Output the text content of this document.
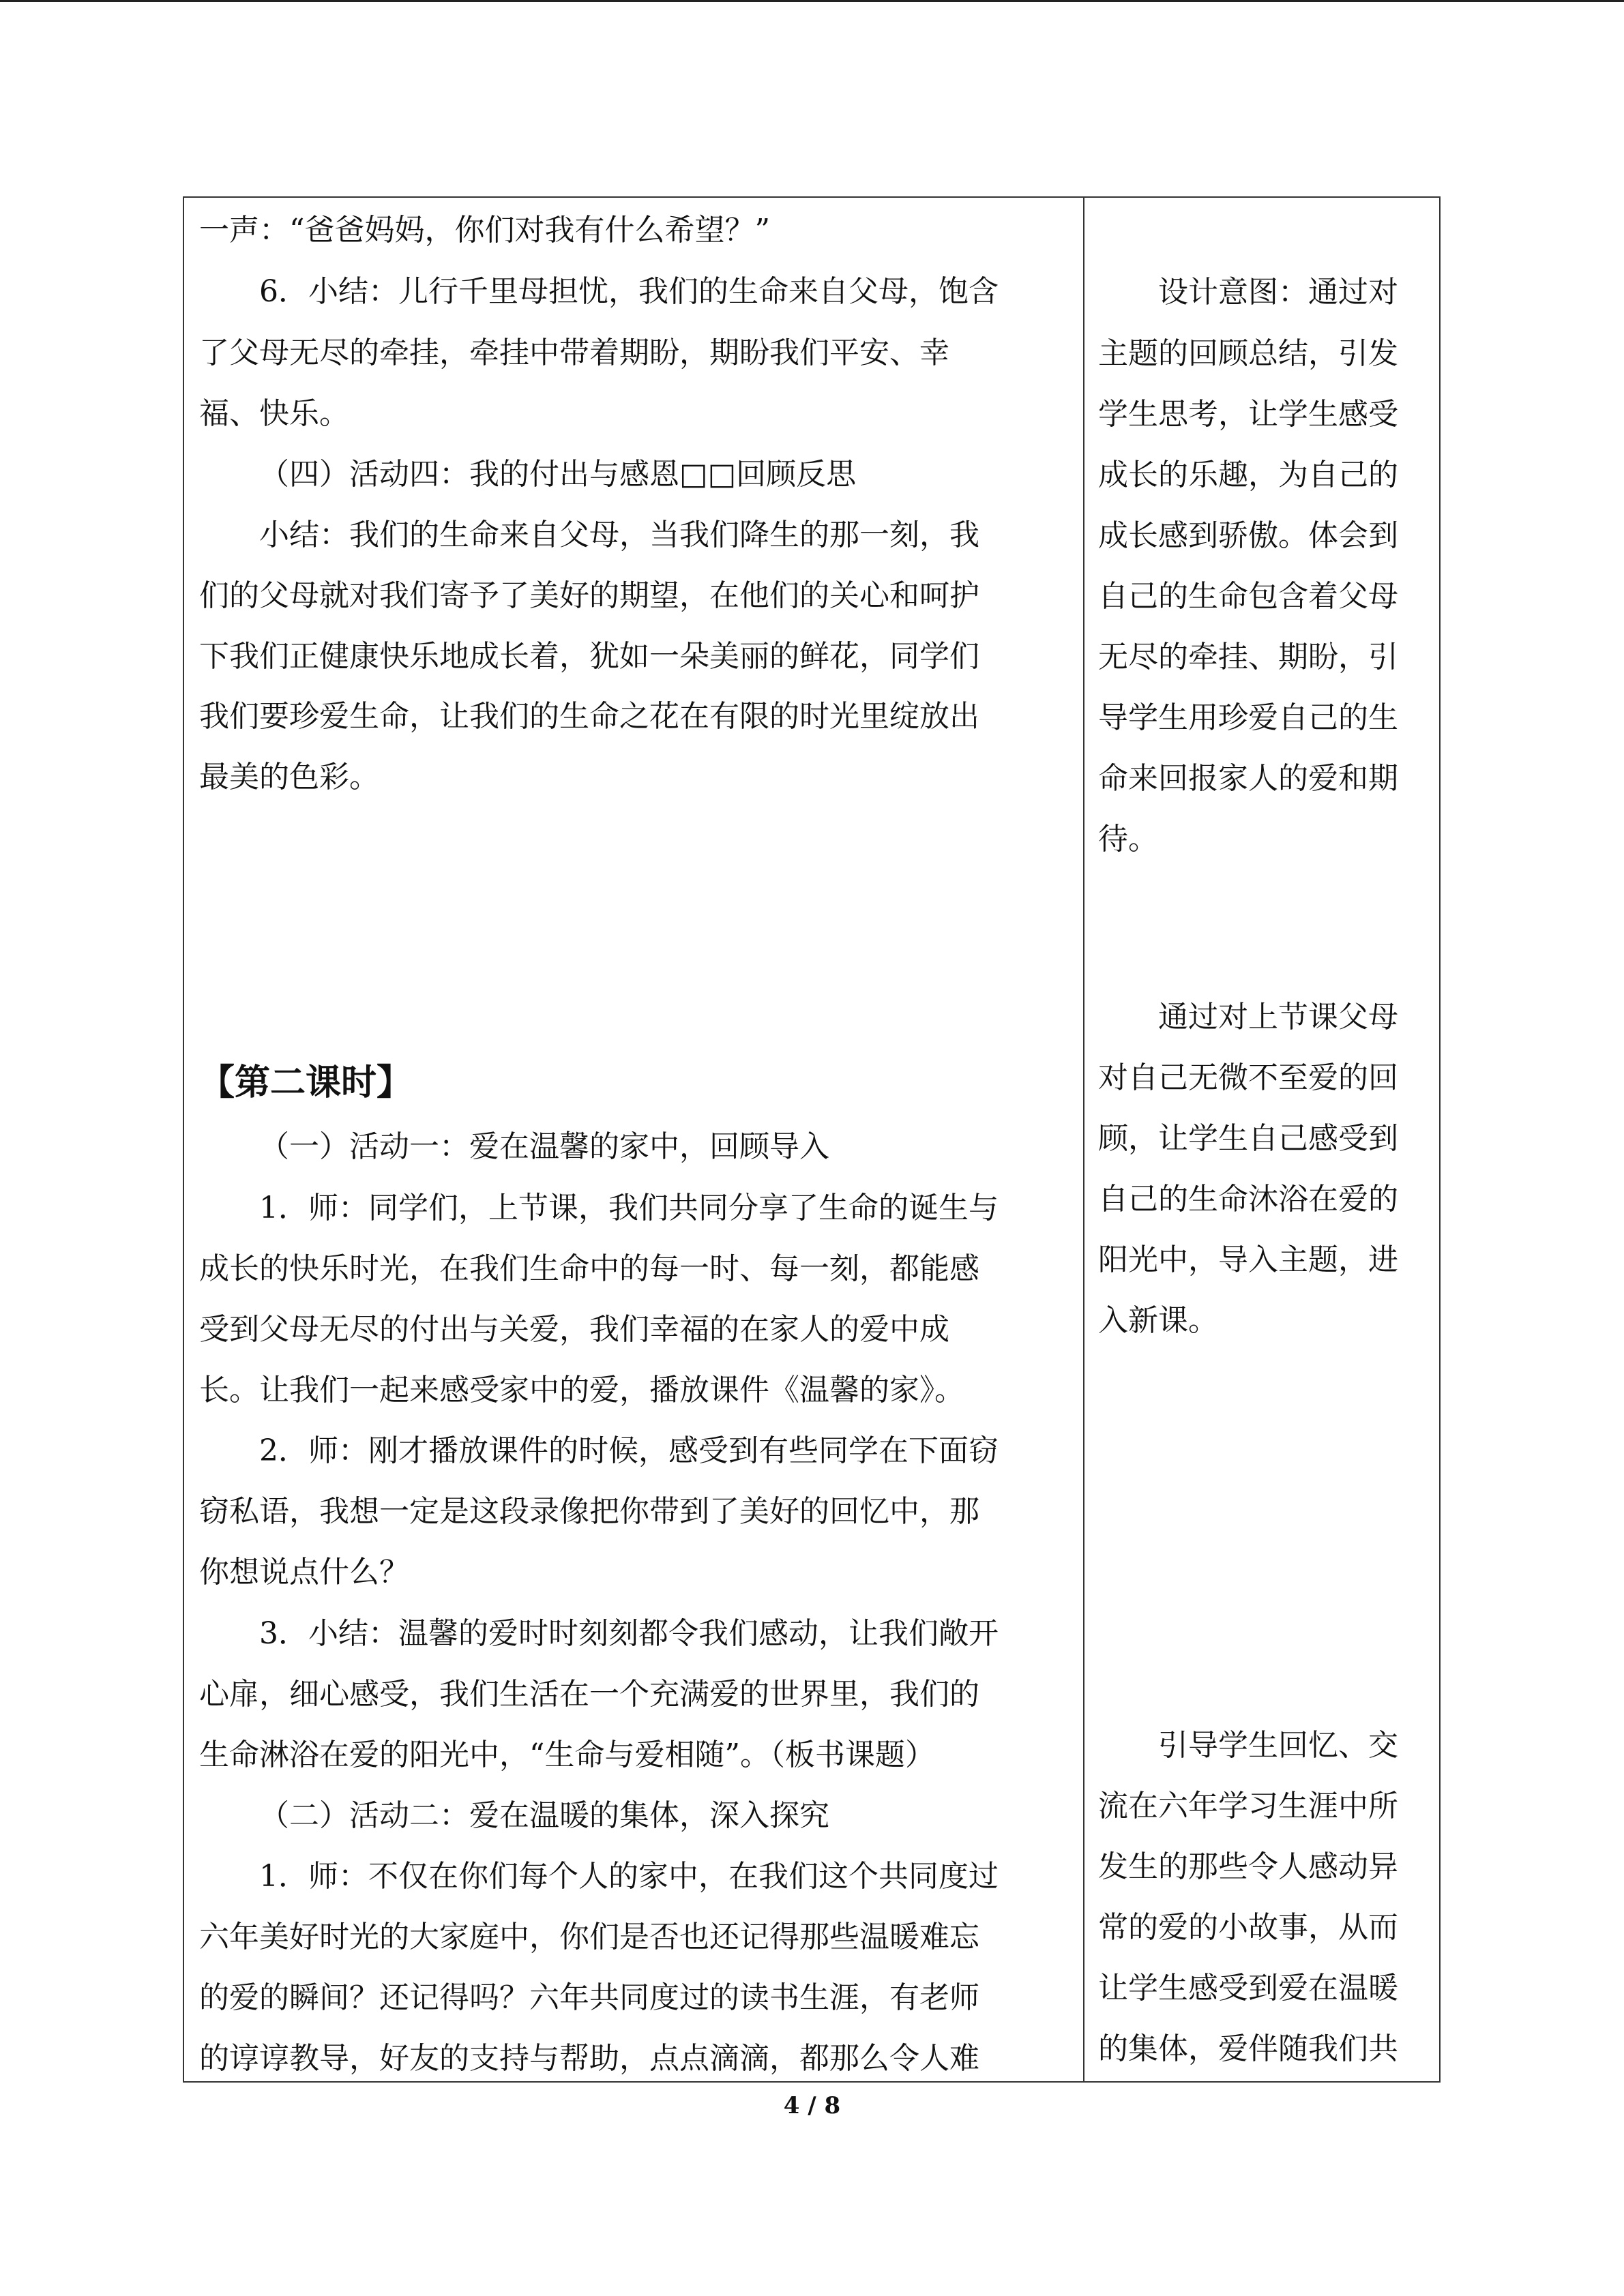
一声：“爸爸妈妈，你们对我有什么希望？”
6．小结：儿行千里母担忧，我们的生命来自父母，饱含
了父母无尽的牵挂，牵挂中带着期盼，期盼我们平安、幸
福、快乐。
（四）活动四：我的付出与感恩□□回顾反思
小结：我们的生命来自父母，当我们降生的那一刻，我
们的父母就对我们寄予了美好的期望，在他们的关心和呵护
下我们正健康快乐地成长着，犹如一朵美丽的鲜花，同学们
我们要珍爱生命，让我们的生命之花在有限的时光里绽放出
最美的色彩。
【第二课时】
（一）活动一：爱在温馨的家中，回顾导入
1．师：同学们，上节课，我们共同分享了生命的诞生与
成长的快乐时光，在我们生命中的每一时、每一刻，都能感
受到父母无尽的付出与关爱，我们幸福的在家人的爱中成
长。让我们一起来感受家中的爱，播放课件《温馨的家》。
2．师：刚才播放课件的时候，感受到有些同学在下面窃
窃私语，我想一定是这段录像把你带到了美好的回忆中，那
你想说点什么？
3．小结：温馨的爱时时刻刻都令我们感动，让我们敞开
心扉，细心感受，我们生活在一个充满爱的世界里，我们的
生命淋浴在爱的阳光中，“生命与爱相随”。（板书课题）
（二）活动二：爱在温暖的集体，深入探究
1．师：不仅在你们每个人的家中，在我们这个共同度过
六年美好时光的大家庭中，你们是否也还记得那些温暖难忘
的爱的瞬间？还记得吗？六年共同度过的读书生涯，有老师
的谆谆教导，好友的支持与帮助，点点滴滴，都那么令人难
设计意图：通过对
主题的回顾总结，引发
学生思考，让学生感受
成长的乐趣，为自己的
成长感到骄傲。体会到
自己的生命包含着父母
无尽的牵挂、期盼，引
导学生用珍爱自己的生
命来回报家人的爱和期
待。
通过对上节课父母
对自己无微不至爱的回
顾，让学生自己感受到
自己的生命沐浴在爱的
阳光中，导入主题，进
入新课。
引导学生回忆、交
流在六年学习生涯中所
发生的那些令人感动异
常的爱的小故事，从而
让学生感受到爱在温暖
的集体，爱伴随我们共
4 / 8
